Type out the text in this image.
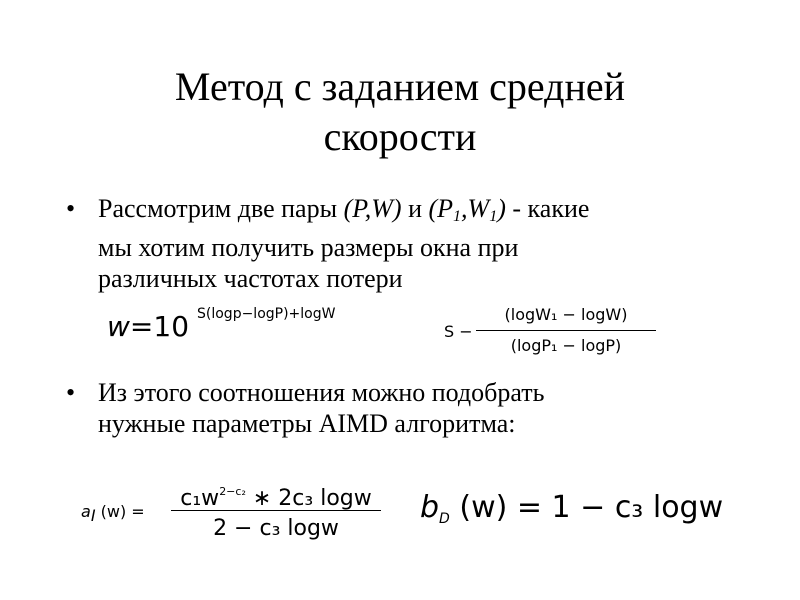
Метод с заданием средней
скорости
• Рассмотрим две пары (P,W) и $(P_1,W_1)$ - какие
мы хотим получить размеры окна при
различных частотах потери
w=10 S(logp−logP)+logW
S −
(logW₁ − logW)
(logP₁ − logP)
• Из этого соотношения можно подобрать
нужные параметры AIMD алгоритма:
$a_I$ (w) =
$c_1w^{2-c_2}$ ∗ 2c₃ logw
2 − c₃ logw
$b_D$ (w) = 1 − c₃ logw
